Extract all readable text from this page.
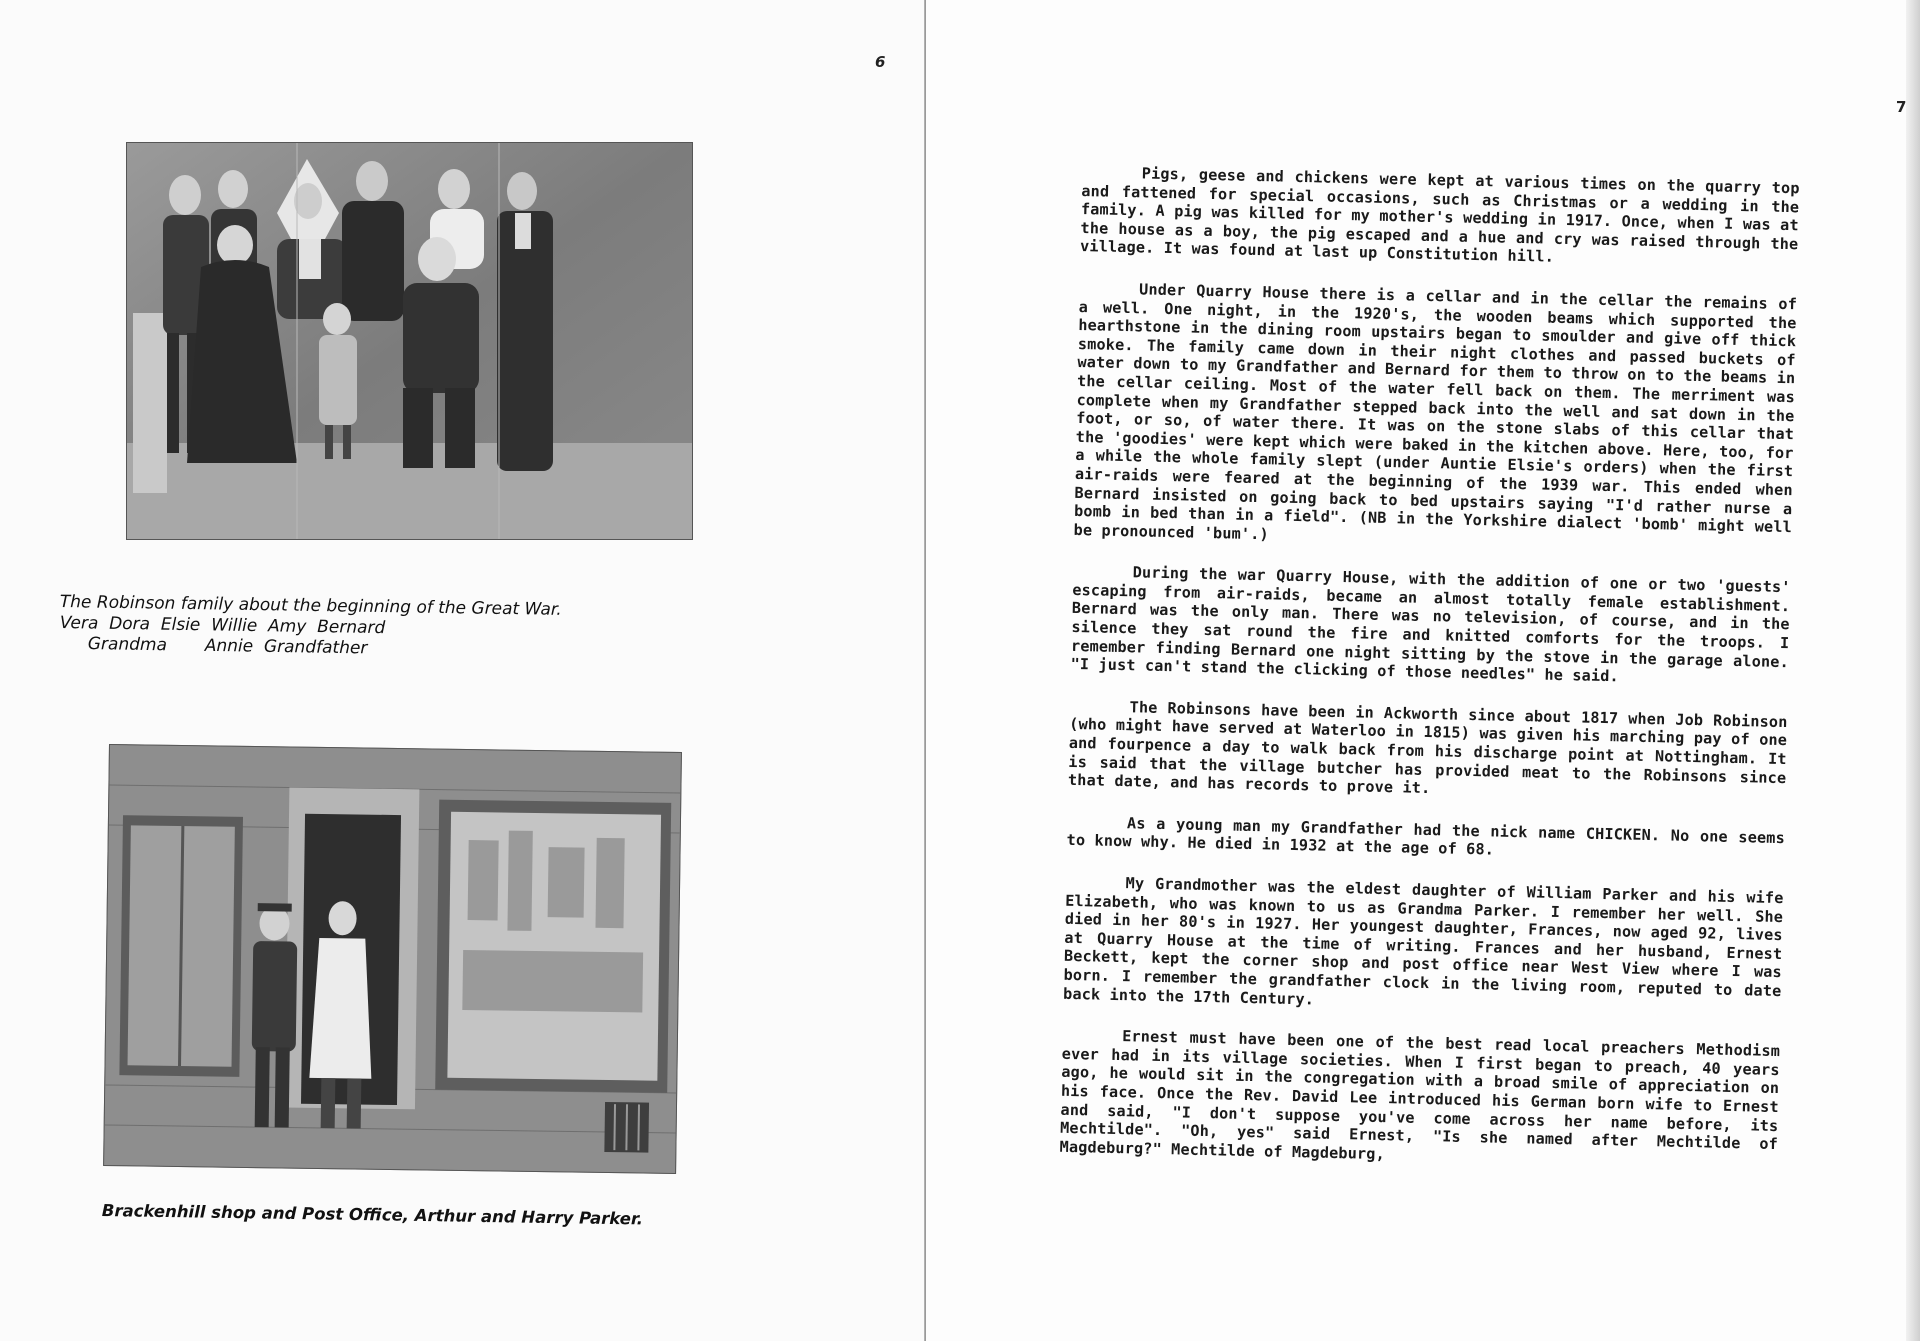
6
The Robinson family about the beginning of the Great War.
Vera  Dora  Elsie  Willie  Amy  Bernard
Grandma       Annie  Grandfather
Brackenhill shop and Post Office, Arthur and Harry Parker.
7

Pigs, geese and chickens were kept at various times on the quarry top and fattened for special occasions, such as Christmas or a wedding in the family. A pig was killed for my mother's wedding in 1917. Once, when I was at the house as a boy, the pig escaped and a hue and cry was raised through the village. It was found at last up Constitution hill.

Under Quarry House there is a cellar and in the cellar the remains of a well. One night, in the 1920's, the wooden beams which supported the hearthstone in the dining room upstairs began to smoulder and give off thick smoke. The family came down in their night clothes and passed buckets of water down to my Grandfather and Bernard for them to throw on to the beams in the cellar ceiling. Most of the water fell back on them. The merriment was complete when my Grandfather stepped back into the well and sat down in the foot, or so, of water there. It was on the stone slabs of this cellar that the 'goodies' were kept which were baked in the kitchen above. Here, too, for a while the whole family slept (under Auntie Elsie's orders) when the first air-raids were feared at the beginning of the 1939 war. This ended when Bernard insisted on going back to bed upstairs saying "I'd rather nurse a bomb in bed than in a field". (NB in the Yorkshire dialect 'bomb' might well be pronounced 'bum'.)

During the war Quarry House, with the addition of one or two 'guests' escaping from air-raids, became an almost totally female establishment. Bernard was the only man. There was no television, of course, and in the silence they sat round the fire and knitted comforts for the troops. I remember finding Bernard one night sitting by the stove in the garage alone. "I just can't stand the clicking of those needles" he said.

The Robinsons have been in Ackworth since about 1817 when Job Robinson (who might have served at Waterloo in 1815) was given his marching pay of one and fourpence a day to walk back from his discharge point at Nottingham. It is said that the village butcher has provided meat to the Robinsons since that date, and has records to prove it.

As a young man my Grandfather had the nick name CHICKEN. No one seems to know why. He died in 1932 at the age of 68.

My Grandmother was the eldest daughter of William Parker and his wife Elizabeth, who was known to us as Grandma Parker. I remember her well. She died in her 80's in 1927. Her youngest daughter, Frances, now aged 92, lives at Quarry House at the time of writing. Frances and her husband, Ernest Beckett, kept the corner shop and post office near West View where I was born. I remember the grandfather clock in the living room, reputed to date back into the 17th Century.

Ernest must have been one of the best read local preachers Methodism ever had in its village societies. When I first began to preach, 40 years ago, he would sit in the congregation with a broad smile of appreciation on his face. Once the Rev. David Lee introduced his German born wife to Ernest and said, "I don't suppose you've come across her name before, its Mechtilde". "Oh, yes" said Ernest, "Is she named after Mechtilde of Magdeburg?" Mechtilde of Magdeburg,
